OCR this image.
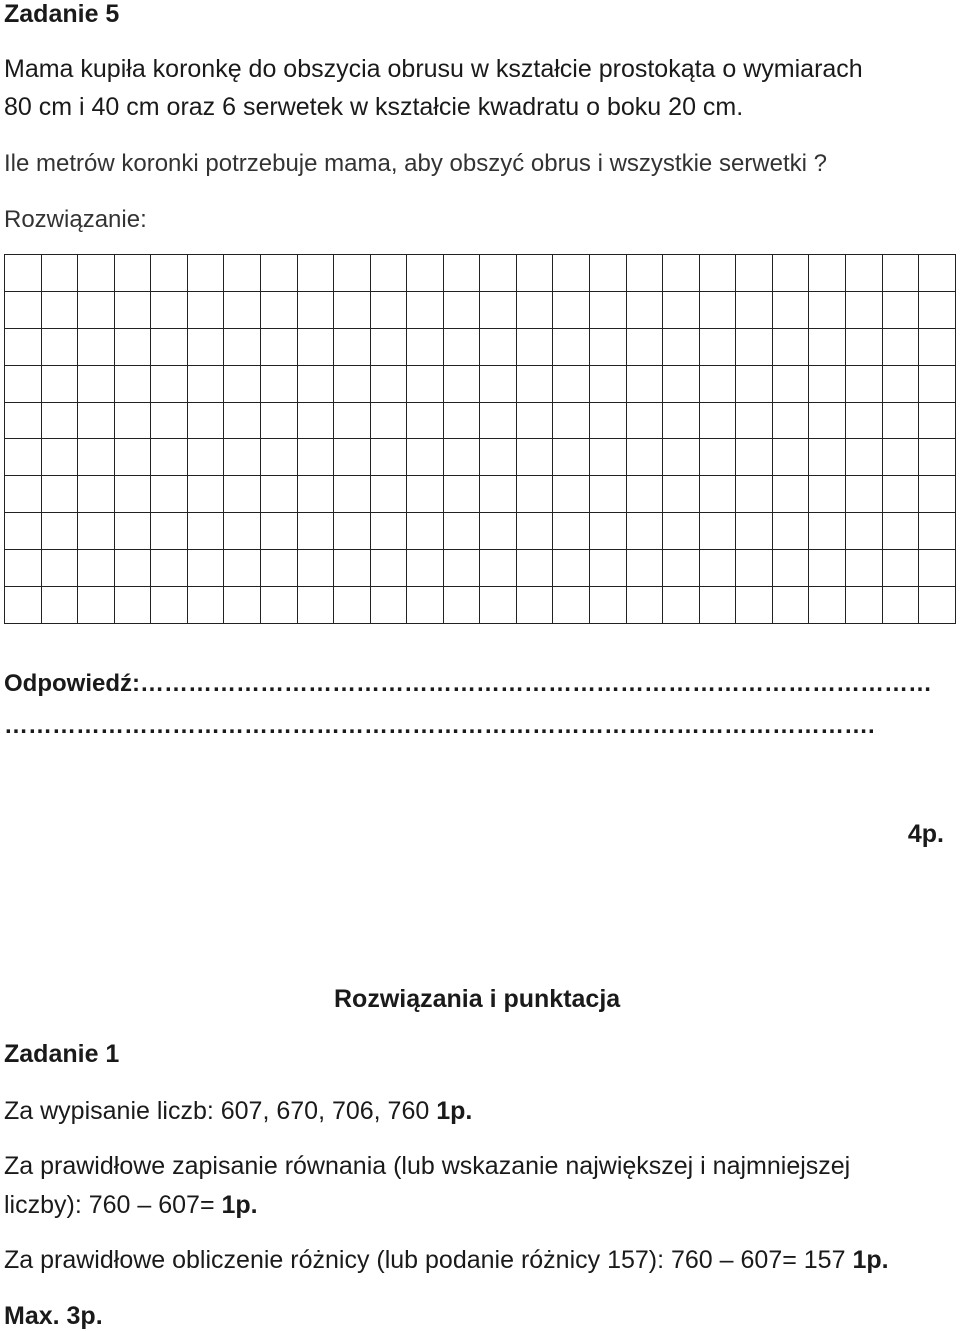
Zadanie 5
Mama kupiła koronkę do obszycia obrusu w kształcie prostokąta o wymiarach
80 cm i 40 cm oraz 6 serwetek w kształcie kwadratu o boku 20 cm.
Ile metrów koronki potrzebuje mama, aby obszyć obrus i wszystkie serwetki ?
Rozwiązanie:

Odpowiedź:………………………………………………………………………………………
……………………………………………………………………………………………….
4p.
Rozwiązania i punktacja
Zadanie 1
Za wypisanie liczb: 607, 670, 706, 760 1p.
Za prawidłowe zapisanie równania (lub wskazanie największej i najmniejszej
liczby): 760 – 607= 1p.
Za prawidłowe obliczenie różnicy (lub podanie różnicy 157): 760 – 607= 157 1p.
Max. 3p.
